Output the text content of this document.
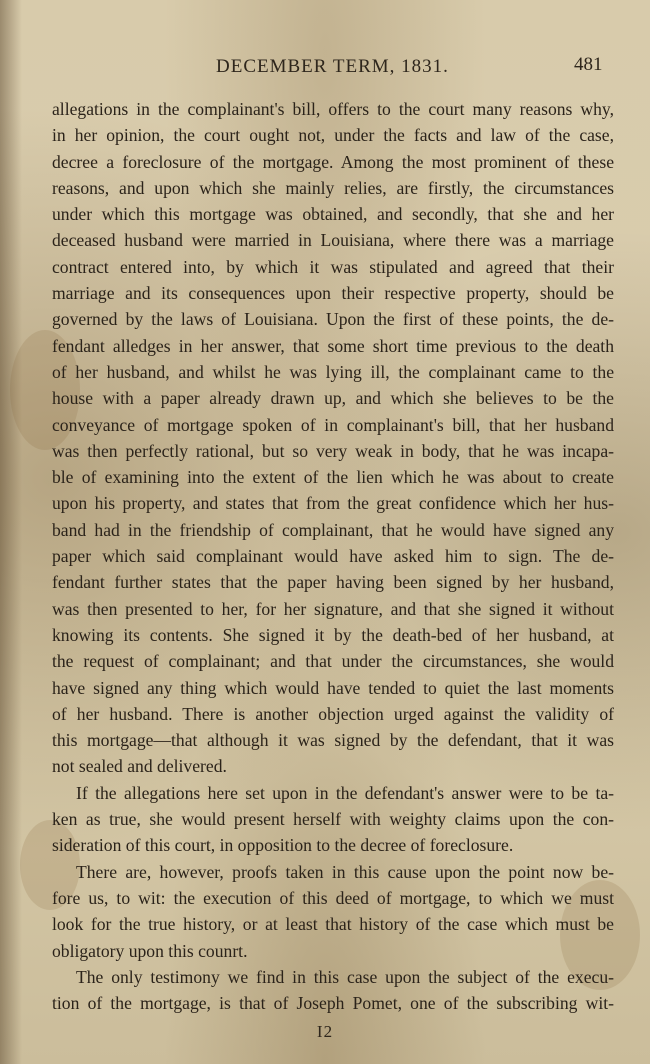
DECEMBER TERM, 1831.	481
allegations in the complainant's bill, offers to the court many reasons why,
in her opinion, the court ought not, under the facts and law of the case,
decree a foreclosure of the mortgage. Among the most prominent of these
reasons, and upon which she mainly relies, are firstly, the circumstances
under which this mortgage was obtained, and secondly, that she and her
deceased husband were married in Louisiana, where there was a marriage
contract entered into, by which it was stipulated and agreed that their
marriage and its consequences upon their respective property, should be
governed by the laws of Louisiana. Upon the first of these points, the de-
fendant alledges in her answer, that some short time previous to the death
of her husband, and whilst he was lying ill, the complainant came to the
house with a paper already drawn up, and which she believes to be the
conveyance of mortgage spoken of in complainant's bill, that her husband
was then perfectly rational, but so very weak in body, that he was incapa-
ble of examining into the extent of the lien which he was about to create
upon his property, and states that from the great confidence which her hus-
band had in the friendship of complainant, that he would have signed any
paper which said complainant would have asked him to sign. The de-
fendant further states that the paper having been signed by her husband,
was then presented to her, for her signature, and that she signed it without
knowing its contents. She signed it by the death-bed of her husband, at
the request of complainant; and that under the circumstances, she would
have signed any thing which would have tended to quiet the last moments
of her husband. There is another objection urged against the validity of
this mortgage—that although it was signed by the defendant, that it was
not sealed and delivered.
If the allegations here set upon in the defendant's answer were to be ta-
ken as true, she would present herself with weighty claims upon the con-
sideration of this court, in opposition to the decree of foreclosure.
There are, however, proofs taken in this cause upon the point now be-
fore us, to wit: the execution of this deed of mortgage, to which we must
look for the true history, or at least that history of the case which must be
obligatory upon this counrt.
The only testimony we find in this case upon the subject of the execu-
tion of the mortgage, is that of Joseph Pomet, one of the subscribing wit-
I2
